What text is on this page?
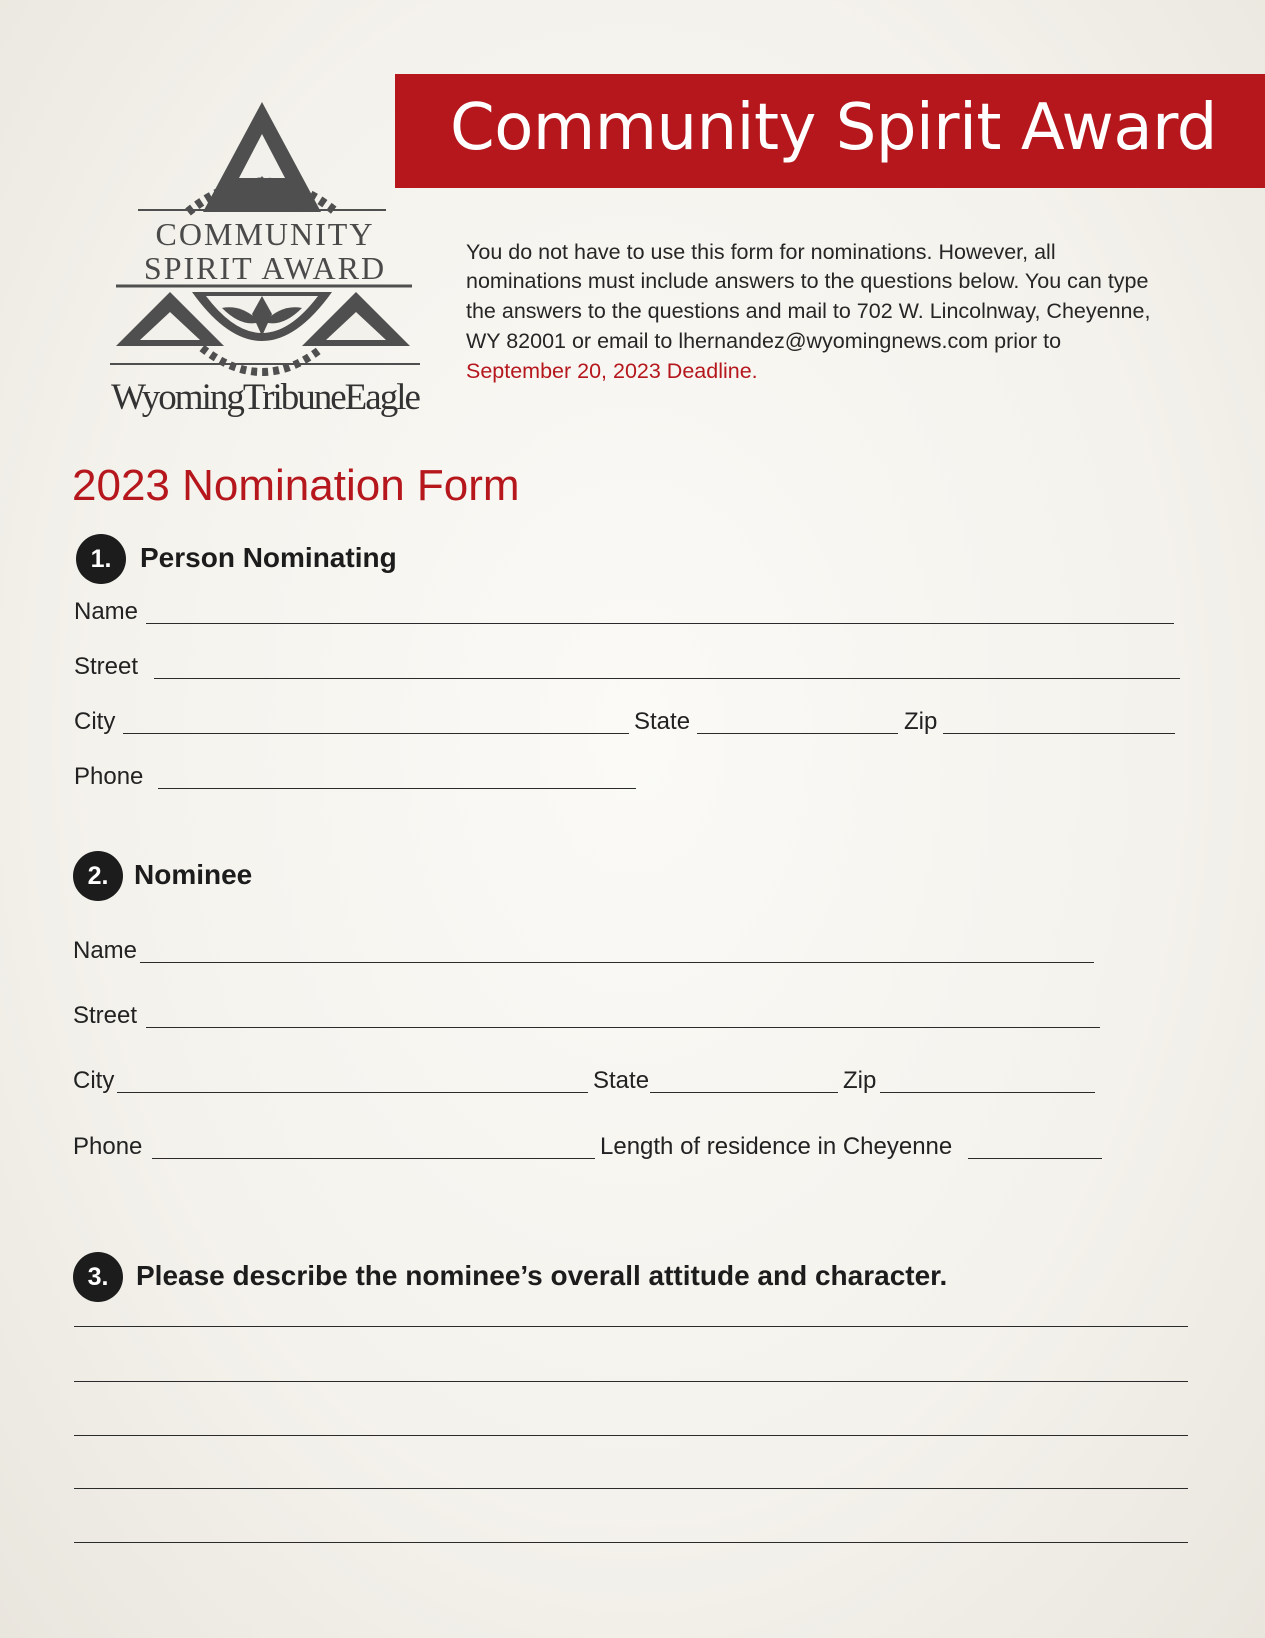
Community Spirit Award
COMMUNITY
SPIRIT AWARD
WyomingTribuneEagle

You do not have to use this form for nominations. However, all nominations must include answers to the questions below. You can type the answers to the questions and mail to 702 W. Lincolnway, Cheyenne, WY 82001 or email to lhernandez@wyomingnews.com prior to September 20, 2023 Deadline.

2023 Nomination Form
1.	Person Nominating
Name
Street
City	State	Zip
Phone
2. Nominee
Name
Street
City	State	Zip
Phone	Length of residence in Cheyenne
3. Please describe the nominee’s overall attitude and character.
